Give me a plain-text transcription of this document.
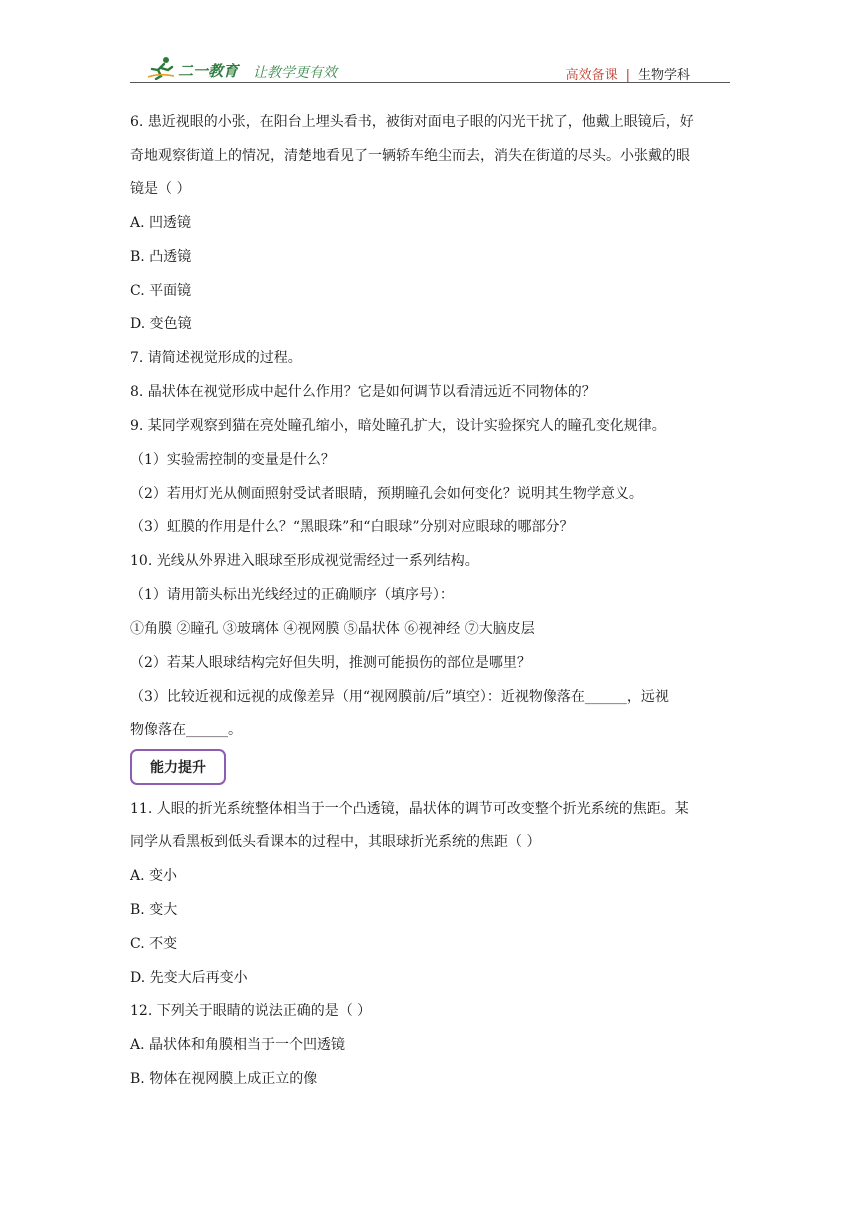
二一教育 让教学更有效	高效备课 | 生物学科
6. 患近视眼的小张，在阳台上埋头看书，被街对面电子眼的闪光干扰了，他戴上眼镜后，好
奇地观察街道上的情况，清楚地看见了一辆轿车绝尘而去，消失在街道的尽头。小张戴的眼
镜是（ ）
A. 凹透镜
B. 凸透镜
C. 平面镜
D. 变色镜
7. 请简述视觉形成的过程。
8. 晶状体在视觉形成中起什么作用？它是如何调节以看清远近不同物体的？
9. 某同学观察到猫在亮处瞳孔缩小，暗处瞳孔扩大，设计实验探究人的瞳孔变化规律。
（1）实验需控制的变量是什么？
（2）若用灯光从侧面照射受试者眼睛，预期瞳孔会如何变化？说明其生物学意义。
（3）虹膜的作用是什么？“黑眼珠”和“白眼球”分别对应眼球的哪部分？
10. 光线从外界进入眼球至形成视觉需经过一系列结构。
（1）请用箭头标出光线经过的正确顺序（填序号）：
①角膜 ②瞳孔 ③玻璃体 ④视网膜 ⑤晶状体 ⑥视神经 ⑦大脑皮层
（2）若某人眼球结构完好但失明，推测可能损伤的部位是哪里？
（3）比较近视和远视的成像差异（用“视网膜前/后”填空）：近视物像落在______，远视
物像落在______。
能力提升
11. 人眼的折光系统整体相当于一个凸透镜，晶状体的调节可改变整个折光系统的焦距。某
同学从看黑板到低头看课本的过程中，其眼球折光系统的焦距（ ）
A. 变小
B. 变大
C. 不变
D. 先变大后再变小
12. 下列关于眼睛的说法正确的是（ ）
A. 晶状体和角膜相当于一个凹透镜
B. 物体在视网膜上成正立的像
